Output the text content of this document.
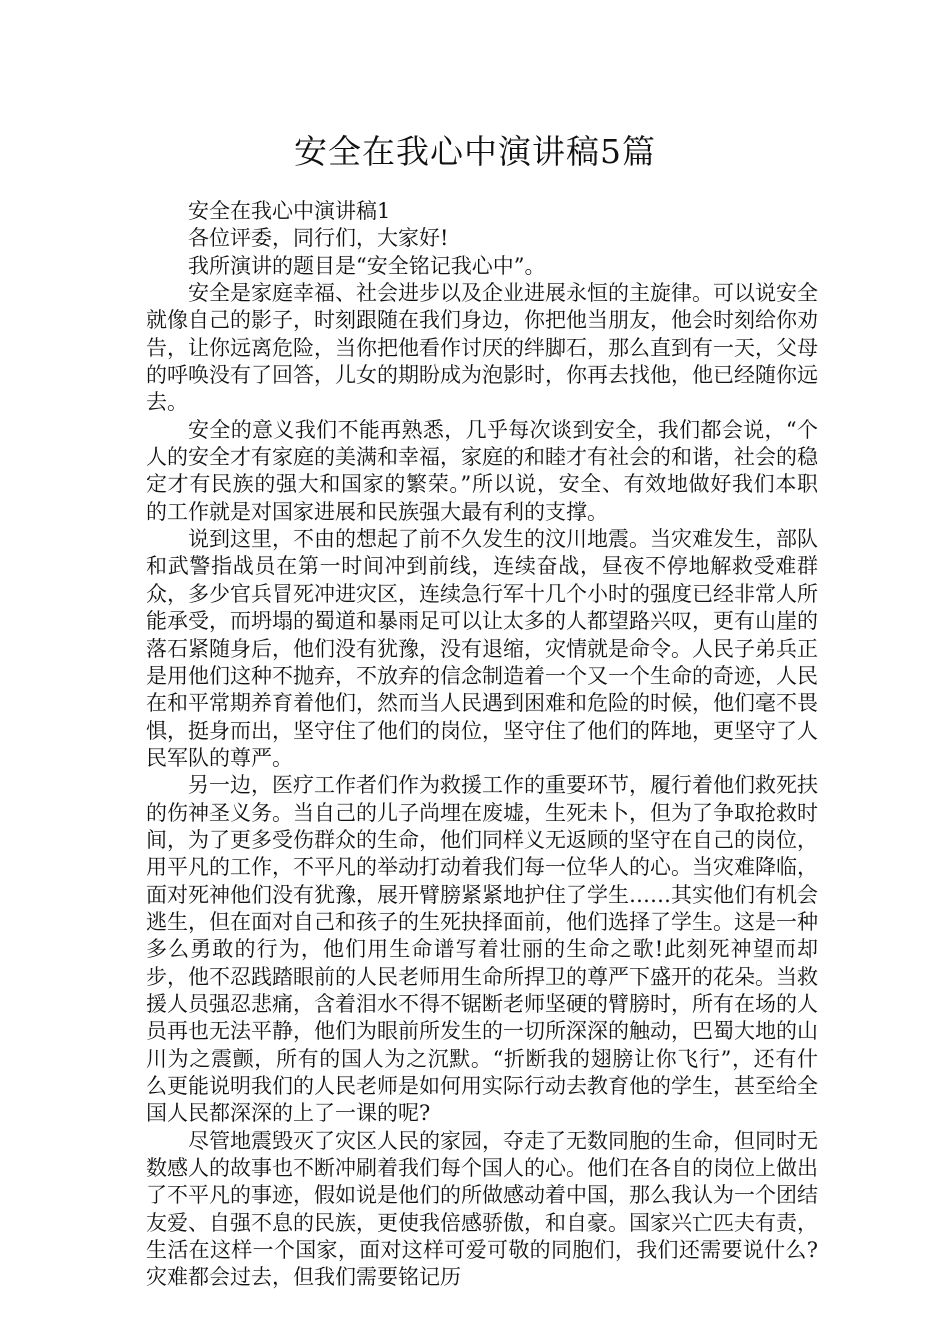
安全在我心中演讲稿5篇

安全在我心中演讲稿1

各位评委，同行们，大家好!

我所演讲的题目是“安全铭记我心中”。

安全是家庭幸福、社会进步以及企业进展永恒的主旋律。可以说安全就像自己的影子，时刻跟随在我们身边，你把他当朋友，他会时刻给你劝告，让你远离危险，当你把他看作讨厌的绊脚石，那么直到有一天，父母的呼唤没有了回答，儿女的期盼成为泡影时，你再去找他，他已经随你远去。

安全的意义我们不能再熟悉，几乎每次谈到安全，我们都会说，“个人的安全才有家庭的美满和幸福，家庭的和睦才有社会的和谐，社会的稳定才有民族的强大和国家的繁荣。”所以说，安全、有效地做好我们本职的工作就是对国家进展和民族强大最有利的支撑。

说到这里，不由的想起了前不久发生的汶川地震。当灾难发生，部队和武警指战员在第一时间冲到前线，连续奋战，昼夜不停地解救受难群众，多少官兵冒死冲进灾区，连续急行军十几个小时的强度已经非常人所能承受，而坍塌的蜀道和暴雨足可以让太多的人都望路兴叹，更有山崖的落石紧随身后，他们没有犹豫，没有退缩，灾情就是命令。人民子弟兵正是用他们这种不抛弃，不放弃的信念制造着一个又一个生命的奇迹，人民在和平常期养育着他们，然而当人民遇到困难和危险的时候，他们毫不畏惧，挺身而出，坚守住了他们的岗位，坚守住了他们的阵地，更坚守了人民军队的尊严。

另一边，医疗工作者们作为救援工作的重要环节，履行着他们救死扶的伤神圣义务。当自己的儿子尚埋在废墟，生死未卜，但为了争取抢救时间，为了更多受伤群众的生命，他们同样义无返顾的坚守在自己的岗位，用平凡的工作，不平凡的举动打动着我们每一位华人的心。当灾难降临，面对死神他们没有犹豫，展开臂膀紧紧地护住了学生……其实他们有机会逃生，但在面对自己和孩子的生死抉择面前，他们选择了学生。这是一种多么勇敢的行为，他们用生命谱写着壮丽的生命之歌!此刻死神望而却步，他不忍践踏眼前的人民老师用生命所捍卫的尊严下盛开的花朵。当救援人员强忍悲痛，含着泪水不得不锯断老师坚硬的臂膀时，所有在场的人员再也无法平静，他们为眼前所发生的一切所深深的触动，巴蜀大地的山川为之震颤，所有的国人为之沉默。“折断我的翅膀让你飞行”，还有什么更能说明我们的人民老师是如何用实际行动去教育他的学生，甚至给全国人民都深深的上了一课的呢?

尽管地震毁灭了灾区人民的家园，夺走了无数同胞的生命，但同时无数感人的故事也不断冲刷着我们每个国人的心。他们在各自的岗位上做出了不平凡的事迹，假如说是他们的所做感动着中国，那么我认为一个团结友爱、自强不息的民族，更使我倍感骄傲，和自豪。国家兴亡匹夫有责，生活在这样一个国家，面对这样可爱可敬的同胞们，我们还需要说什么?灾难都会过去，但我们需要铭记历
